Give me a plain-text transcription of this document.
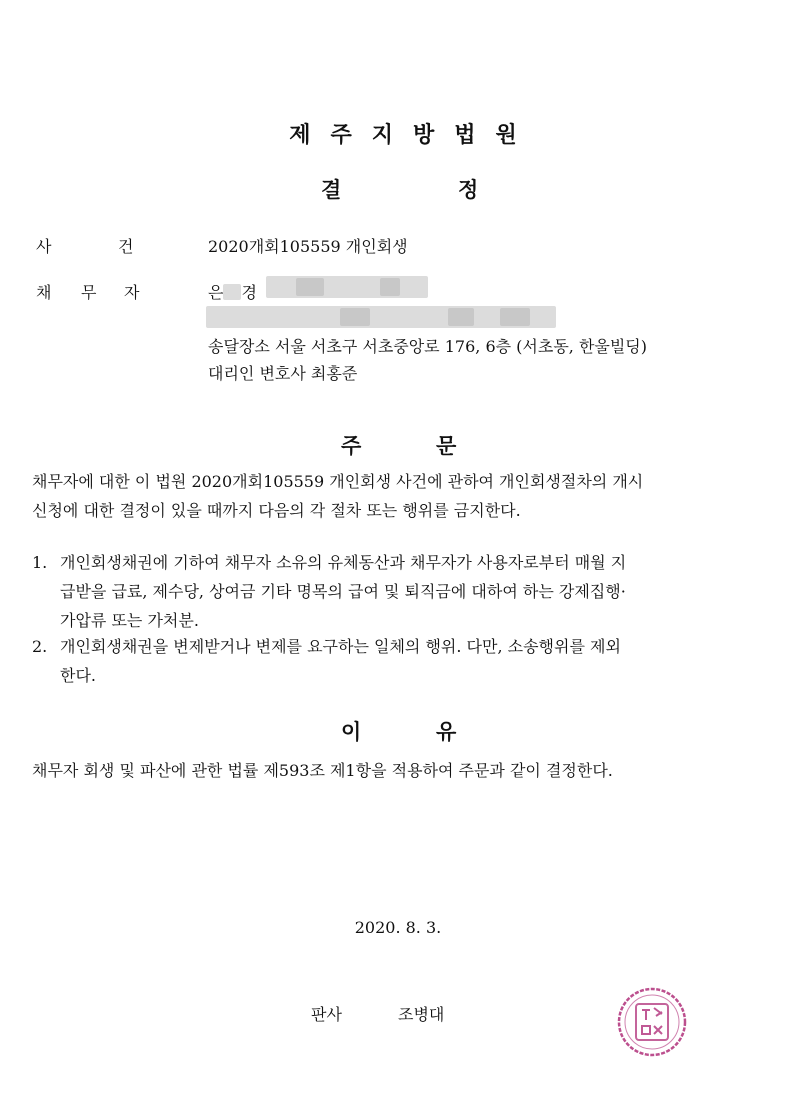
제 주 지 방 법 원
결	정
사	건	2020개회105559 개인회생
채 무 자	은 경
송달장소 서울 서초구 서초중앙로 176, 6층 (서초동, 한울빌딩)
대리인 변호사 최홍준
주	문
채무자에 대한 이 법원 2020개회105559 개인회생 사건에 관하여 개인회생절차의 개시
신청에 대한 결정이 있을 때까지 다음의 각 절차 또는 행위를 금지한다.
1. 개인회생채권에 기하여 채무자 소유의 유체동산과 채무자가 사용자로부터 매월 지
급받을 급료, 제수당, 상여금 기타 명목의 급여 및 퇴직금에 대하여 하는 강제집행·
가압류 또는 가처분.
2. 개인회생채권을 변제받거나 변제를 요구하는 일체의 행위. 다만, 소송행위를 제외
한다.
이	유
채무자 회생 및 파산에 관한 법률 제593조 제1항을 적용하여 주문과 같이 결정한다.
2020. 8. 3.
판사	조병대
